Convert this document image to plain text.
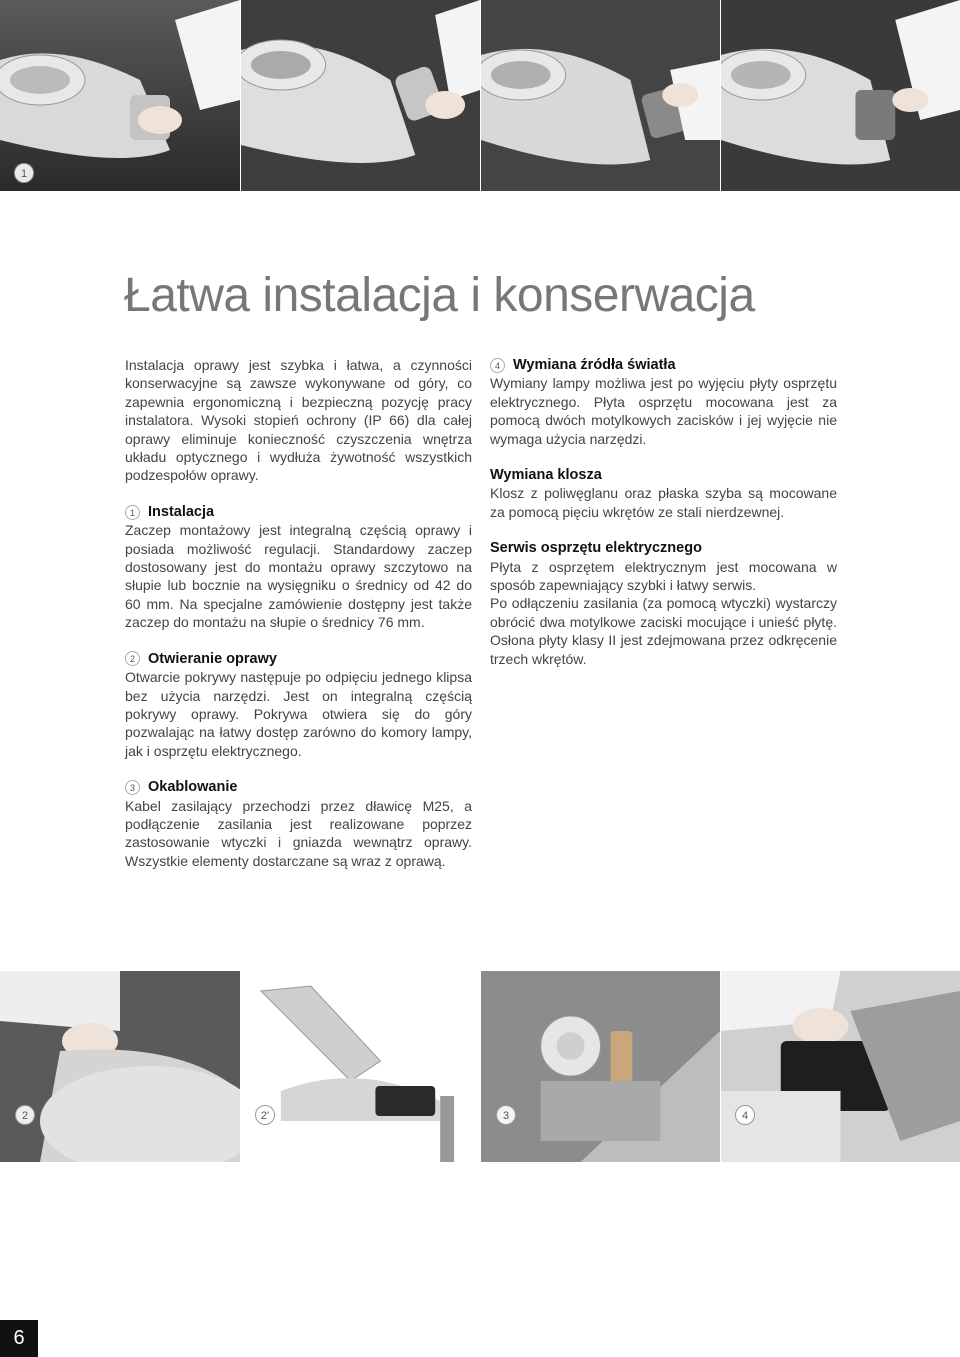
1
Łatwa instalacja i konserwacja

Instalacja oprawy jest szybka i łatwa, a czynności konserwacyjne są zawsze wykonywane od góry, co zapewnia ergonomiczną i bezpieczną pozycję pracy instalatora. Wysoki stopień ochrony (IP 66) dla całej oprawy eliminuje konieczność czyszczenia wnętrza układu optycznego i wydłuża żywotność wszystkich podzespołów oprawy.

1 Instalacja

Zaczep montażowy jest integralną częścią oprawy i posiada możliwość regulacji. Standardowy zaczep dostosowany jest do montażu oprawy szczytowo na słupie lub bocznie na wysięgniku o średnicy od 42 do 60 mm. Na specjalne zamówienie dostępny jest także zaczep do montażu na słupie o średnicy 76 mm.

2 Otwieranie oprawy

Otwarcie pokrywy następuje po odpięciu jednego klipsa bez użycia narzędzi. Jest on integralną częścią pokrywy oprawy. Pokrywa otwiera się do góry pozwalając na łatwy dostęp zarówno do komory lampy, jak i osprzętu elektrycznego.

3 Okablowanie

Kabel zasilający przechodzi przez dławicę M25, a podłączenie zasilania jest realizowane poprzez zastosowanie wtyczki i gniazda wewnątrz oprawy. Wszystkie elementy dostarczane są wraz z oprawą.

4 Wymiana źródła światła

Wymiany lampy możliwa jest po wyjęciu płyty osprzętu elektrycznego. Płyta osprzętu mocowana jest za pomocą dwóch motylkowych zacisków i jej wyjęcie nie wymaga użycia narzędzi.

Wymiana klosza

Klosz z poliwęglanu oraz płaska szyba są mocowane za pomocą pięciu wkrętów ze stali nierdzewnej.

Serwis osprzętu elektrycznego

Płyta z osprzętem elektrycznym jest mocowana w sposób zapewniający szybki i łatwy serwis.

Po odłączeniu zasilania (za pomocą wtyczki) wystarczy obrócić dwa motylkowe zaciski mocujące i unieść płytę. Osłona płyty klasy II jest zdejmowana przez odkręcenie trzech wkrętów.

2	2'	3	4
6
